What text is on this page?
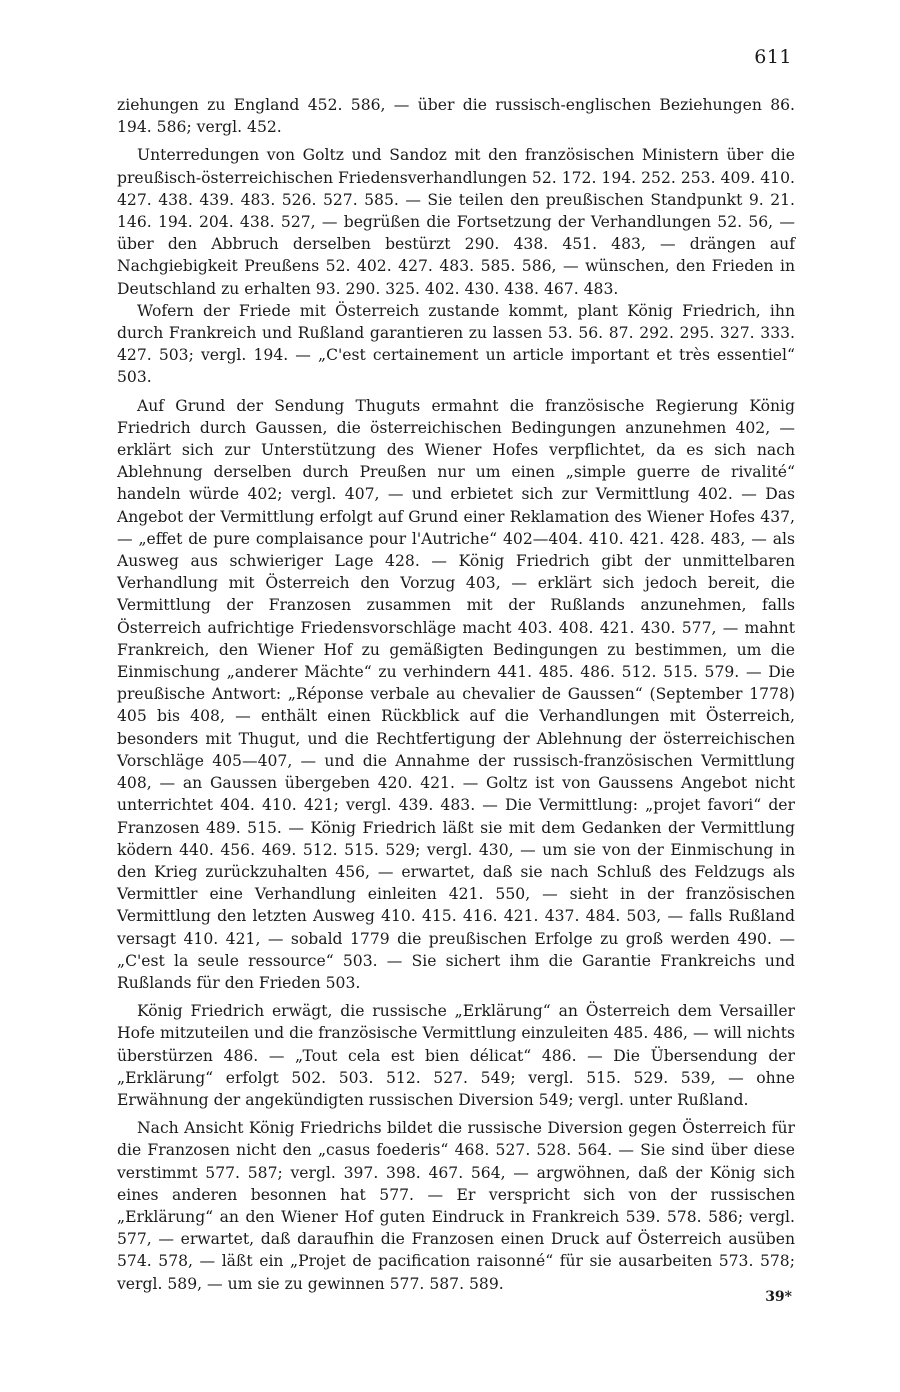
611

ziehungen zu England 452. 586, — über die russisch-englischen Beziehungen 86. 194. 586; vergl. 452.

Unterredungen von Goltz und Sandoz mit den französischen Ministern über die preußisch-österreichischen Friedensverhandlungen 52. 172. 194. 252. 253. 409. 410. 427. 438. 439. 483. 526. 527. 585. — Sie teilen den preußischen Standpunkt 9. 21. 146. 194. 204. 438. 527, — begrüßen die Fortsetzung der Verhandlungen 52. 56, — über den Abbruch derselben bestürzt 290. 438. 451. 483, — drängen auf Nachgiebigkeit Preußens 52. 402. 427. 483. 585. 586, — wünschen, den Frieden in Deutschland zu erhalten 93. 290. 325. 402. 430. 438. 467. 483.

Wofern der Friede mit Österreich zustande kommt, plant König Friedrich, ihn durch Frankreich und Rußland garantieren zu lassen 53. 56. 87. 292. 295. 327. 333. 427. 503; vergl. 194. — „C'est certainement un article important et très essentiel“ 503.

Auf Grund der Sendung Thuguts ermahnt die französische Regierung König Friedrich durch Gaussen, die österreichischen Bedingungen anzunehmen 402, — erklärt sich zur Unterstützung des Wiener Hofes verpflichtet, da es sich nach Ablehnung derselben durch Preußen nur um einen „simple guerre de rivalité“ handeln würde 402; vergl. 407, — und erbietet sich zur Vermittlung 402. — Das Angebot der Vermittlung erfolgt auf Grund einer Reklamation des Wiener Hofes 437, — „effet de pure complaisance pour l'Autriche“ 402—404. 410. 421. 428. 483, — als Ausweg aus schwieriger Lage 428. — König Friedrich gibt der unmittelbaren Verhandlung mit Österreich den Vorzug 403, — erklärt sich jedoch bereit, die Vermittlung der Franzosen zusammen mit der Rußlands anzunehmen, falls Österreich aufrichtige Friedensvorschläge macht 403. 408. 421. 430. 577, — mahnt Frankreich, den Wiener Hof zu gemäßigten Bedingungen zu bestimmen, um die Einmischung „anderer Mächte“ zu verhindern 441. 485. 486. 512. 515. 579. — Die preußische Antwort: „Réponse verbale au chevalier de Gaussen“ (September 1778) 405 bis 408, — enthält einen Rückblick auf die Verhandlungen mit Österreich, besonders mit Thugut, und die Rechtfertigung der Ablehnung der österreichischen Vorschläge 405—407, — und die Annahme der russisch-französischen Vermittlung 408, — an Gaussen übergeben 420. 421. — Goltz ist von Gaussens Angebot nicht unterrichtet 404. 410. 421; vergl. 439. 483. — Die Vermittlung: „projet favori“ der Franzosen 489. 515. — König Friedrich läßt sie mit dem Gedanken der Vermittlung ködern 440. 456. 469. 512. 515. 529; vergl. 430, — um sie von der Einmischung in den Krieg zurückzuhalten 456, — erwartet, daß sie nach Schluß des Feldzugs als Vermittler eine Verhandlung einleiten 421. 550, — sieht in der französischen Vermittlung den letzten Ausweg 410. 415. 416. 421. 437. 484. 503, — falls Rußland versagt 410. 421, — sobald 1779 die preußischen Erfolge zu groß werden 490. — „C'est la seule ressource“ 503. — Sie sichert ihm die Garantie Frankreichs und Rußlands für den Frieden 503.

König Friedrich erwägt, die russische „Erklärung“ an Österreich dem Versailler Hofe mitzuteilen und die französische Vermittlung einzuleiten 485. 486, — will nichts überstürzen 486. — „Tout cela est bien délicat“ 486. — Die Übersendung der „Erklärung“ erfolgt 502. 503. 512. 527. 549; vergl. 515. 529. 539, — ohne Erwähnung der angekündigten russischen Diversion 549; vergl. unter Rußland.

Nach Ansicht König Friedrichs bildet die russische Diversion gegen Österreich für die Franzosen nicht den „casus foederis“ 468. 527. 528. 564. — Sie sind über diese verstimmt 577. 587; vergl. 397. 398. 467. 564, — argwöhnen, daß der König sich eines anderen besonnen hat 577. — Er verspricht sich von der russischen „Erklärung“ an den Wiener Hof guten Eindruck in Frankreich 539. 578. 586; vergl. 577, — erwartet, daß daraufhin die Franzosen einen Druck auf Österreich ausüben 574. 578, — läßt ein „Projet de pacification raisonné“ für sie ausarbeiten 573. 578; vergl. 589, — um sie zu gewinnen 577. 587. 589.

39*
